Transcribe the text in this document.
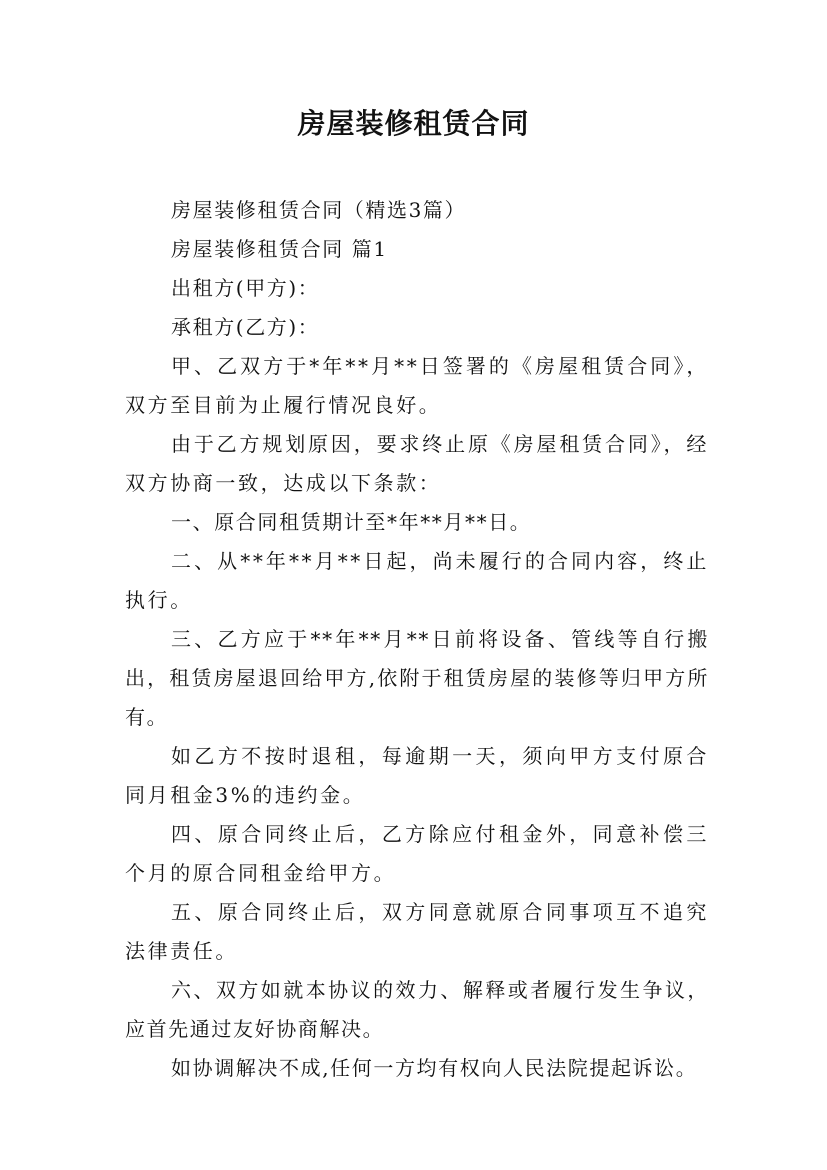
房屋装修租赁合同

房屋装修租赁合同（精选3篇）

房屋装修租赁合同 篇1

出租方(甲方)：

承租方(乙方)：

甲、乙双方于*年**月**日签署的《房屋租赁合同》，双方至目前为止履行情况良好。

由于乙方规划原因，要求终止原《房屋租赁合同》，经双方协商一致，达成以下条款：

一、原合同租赁期计至*年**月**日。

二、从**年**月**日起，尚未履行的合同内容，终止执行。

三、乙方应于**年**月**日前将设备、管线等自行搬出，租赁房屋退回给甲方,依附于租赁房屋的装修等归甲方所有。

如乙方不按时退租，每逾期一天，须向甲方支付原合同月租金3%的违约金。

四、原合同终止后，乙方除应付租金外，同意补偿三个月的原合同租金给甲方。

五、原合同终止后，双方同意就原合同事项互不追究法律责任。

六、双方如就本协议的效力、解释或者履行发生争议，应首先通过友好协商解决。

如协调解决不成,任何一方均有权向人民法院提起诉讼。
